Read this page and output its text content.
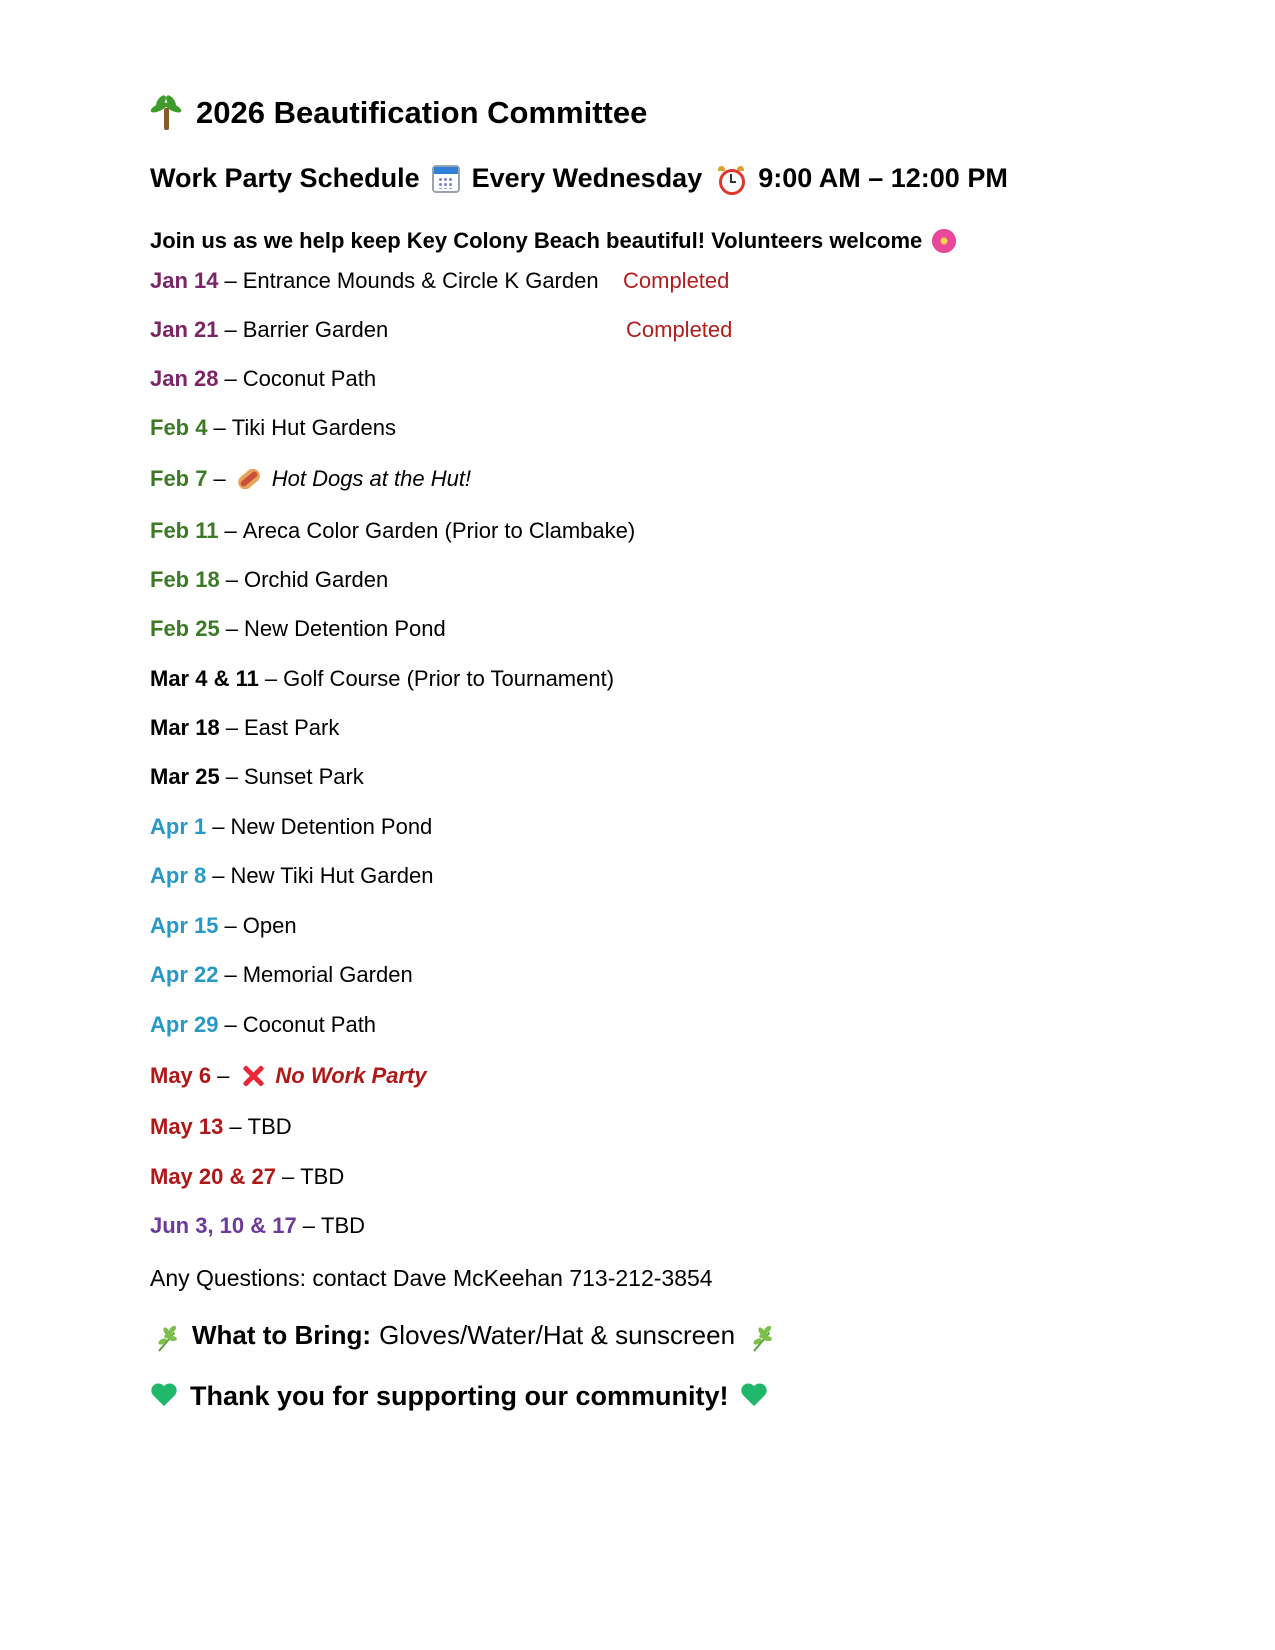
2026 Beautification Committee
Work Party Schedule Every Wednesday 9:00 AM – 12:00 PM
Join us as we help keep Key Colony Beach beautiful! Volunteers welcome
Jan 14 – Entrance Mounds & Circle K Garden Completed
Jan 21 – Barrier Garden	Completed
Jan 28 – Coconut Path
Feb 4 – Tiki Hut Gardens
Feb 7 – Hot Dogs at the Hut!
Feb 11 – Areca Color Garden (Prior to Clambake)
Feb 18 – Orchid Garden
Feb 25 – New Detention Pond
Mar 4 & 11 – Golf Course (Prior to Tournament)
Mar 18 – East Park
Mar 25 – Sunset Park
Apr 1 – New Detention Pond
Apr 8 – New Tiki Hut Garden
Apr 15 – Open
Apr 22 – Memorial Garden
Apr 29 – Coconut Path
May 6 – No Work Party
May 13 – TBD
May 20 & 27 – TBD
Jun 3, 10 & 17 – TBD
Any Questions: contact Dave McKeehan 713-212-3854
What to Bring: Gloves/Water/Hat & sunscreen
Thank you for supporting our community!
